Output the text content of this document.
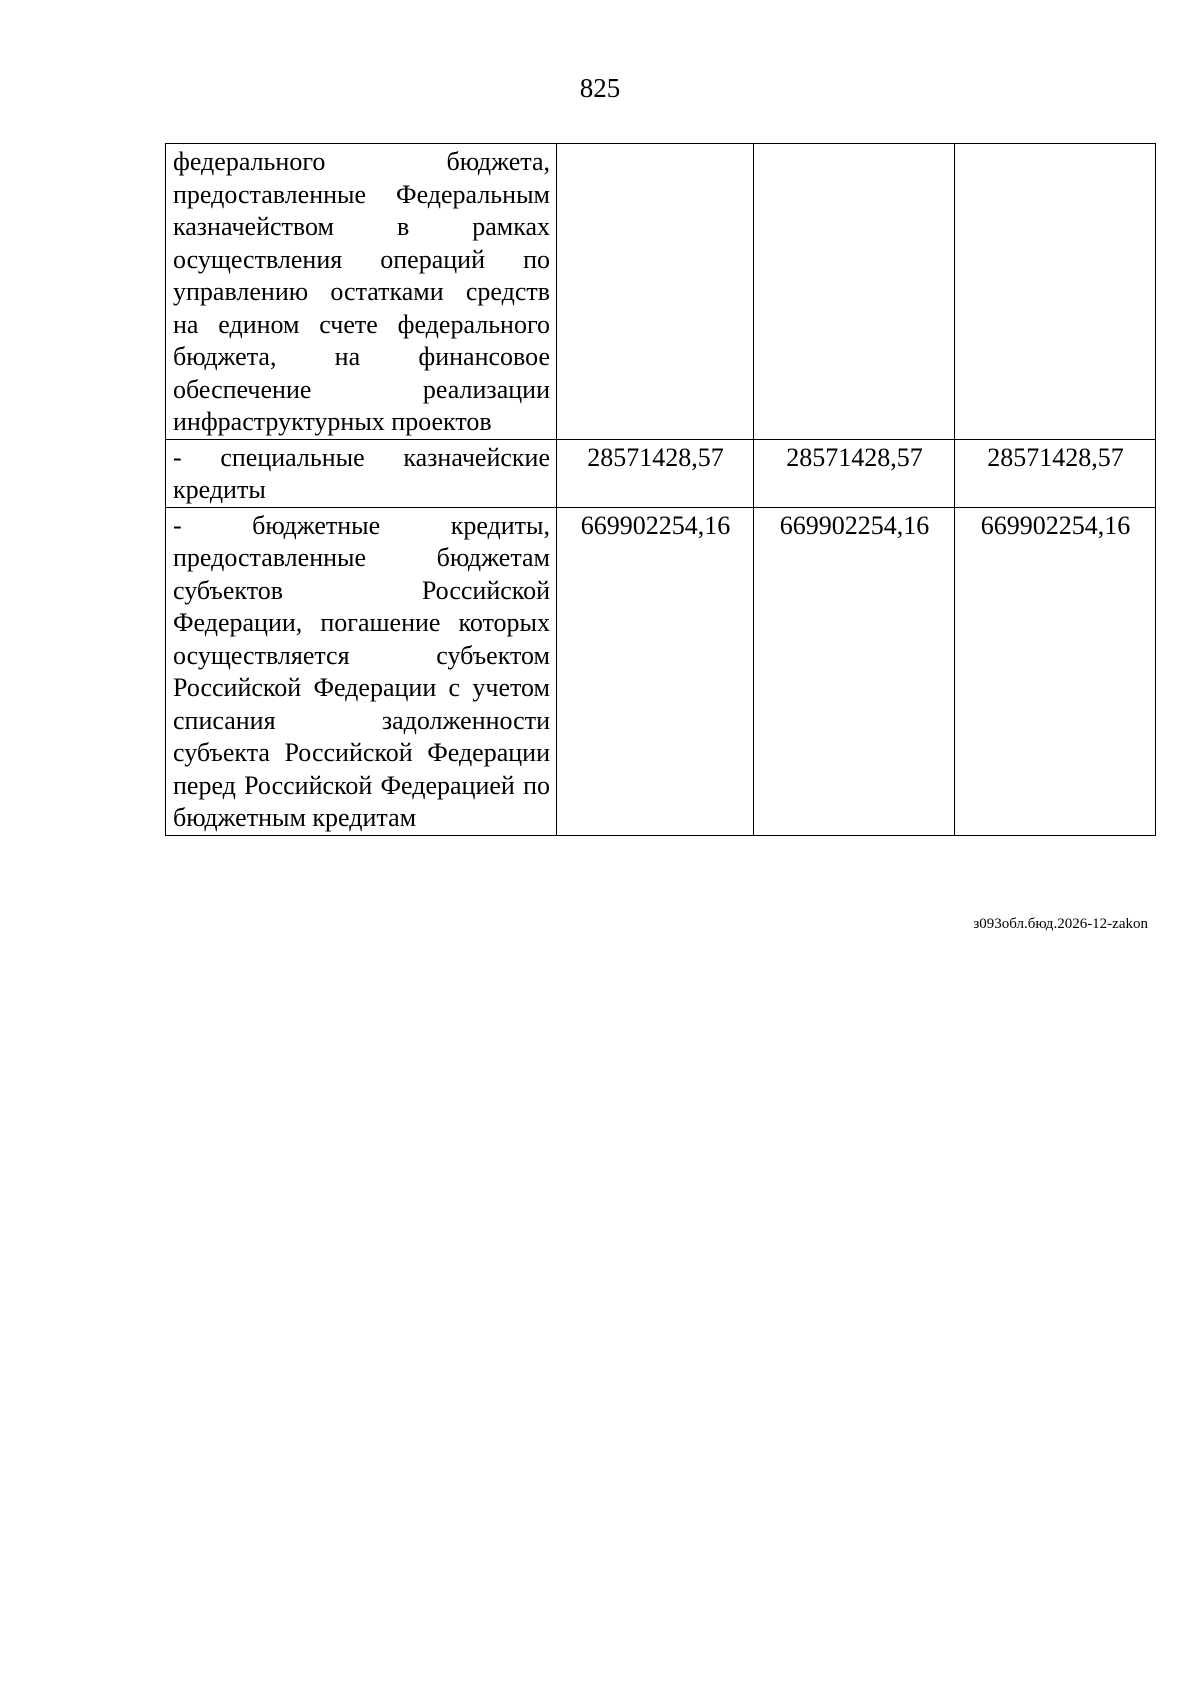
825
федерального бюджета, предоставленные Федеральным казначейством в рамках осуществления операций по управлению остатками средств на едином счете федерального бюджета, на финансовое обеспечение реализации инфраструктурных проектов			
- специальные казначейские кредиты	28571428,57	28571428,57	28571428,57
- бюджетные кредиты, предоставленные бюджетам субъектов Российской Федерации, погашение которых осуществляется субъектом Российской Федерации с учетом списания задолженности субъекта Российской Федерации перед Российской Федерацией по бюджетным кредитам	669902254,16	669902254,16	669902254,16
з093обл.бюд.2026-12-zakon
